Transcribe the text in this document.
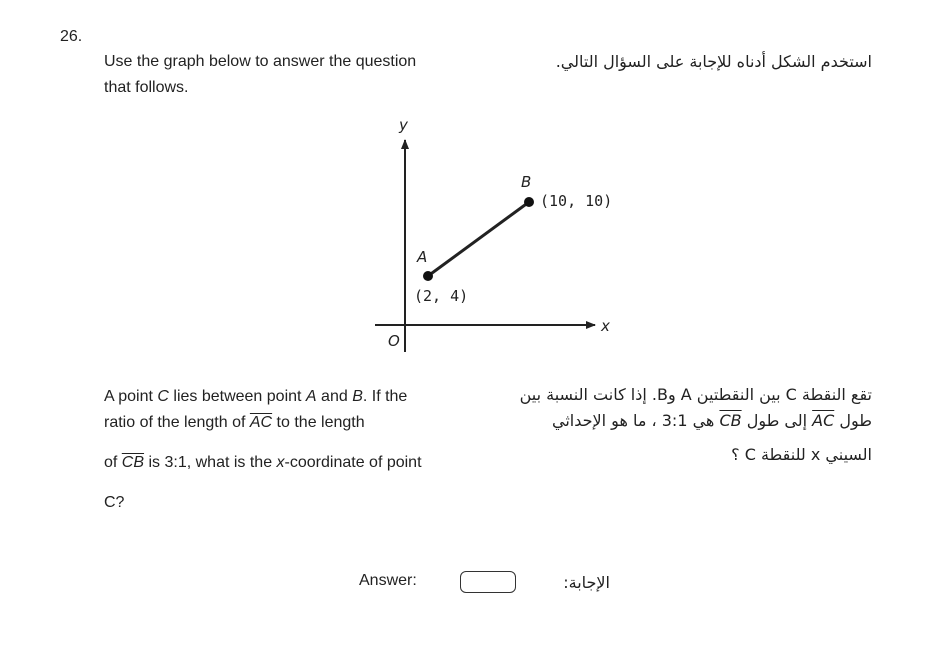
26.
Use the graph below to answer the question
that follows.
استخدم الشكل أدناه للإجابة على السؤال التالي.
y
x
O
A
(2, 4)
B
(10, 10)
A point C lies between point A and B. If the
ratio of the length of $\overline{AC}$ to the length
of $\overline{CB}$ is 3:1, what is the x-coordinate of point
C?
تقع النقطة C بين النقطتين A وB. إذا كانت النسبة بين
طول AC إلى طول CB هي 3:1 ، ما هو الإحداثي
السيني x للنقطة C ؟
Answer:	الإجابة:
